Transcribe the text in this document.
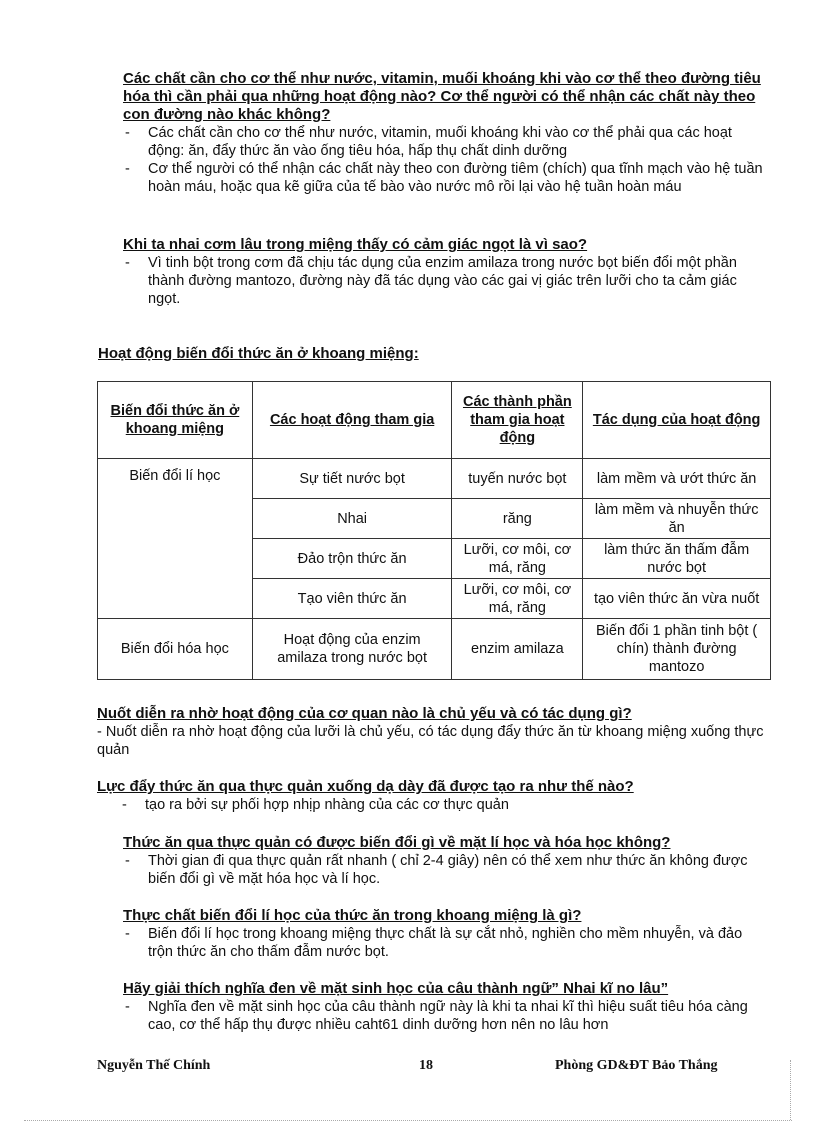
Các chất cần cho cơ thể như nước, vitamin, muối khoáng khi vào cơ thể theo đường tiêu hóa thì cần phải qua những hoạt động nào? Cơ thể người có thể nhận các chất này theo con đường nào khác không?

- Các chất cần cho cơ thể như nước, vitamin, muối khoáng khi vào cơ thể phải qua các hoạt động: ăn, đẩy thức ăn vào ống tiêu hóa, hấp thụ chất dinh dưỡng
- Cơ thể người có thể nhận các chất này theo con đường tiêm (chích) qua tĩnh mạch vào hệ tuần hoàn máu, hoặc qua kẽ giữa của tế bào vào nước mô rồi lại vào hệ tuần hoàn máu

Khi ta nhai cơm lâu trong miệng thấy có cảm giác ngọt là vì sao?

- Vì tinh bột trong cơm đã chịu tác dụng của enzim amilaza trong nước bọt biến đổi một phần thành đường mantozo, đường này đã tác dụng vào các gai vị giác trên lưỡi cho ta cảm giác ngọt.
Hoạt động biến đổi thức ăn ở khoang miệng:
Biến đổi thức ăn ở khoang miệng	Các hoạt động tham gia	Các thành phần tham gia hoạt động	Tác dụng của hoạt động
Biến đổi lí học	Sự tiết nước bọt	tuyến nước bọt	làm mềm và ướt thức ăn
	Nhai	răng	làm mềm và nhuyễn thức ăn
	Đảo trộn thức ăn	Lưỡi, cơ môi, cơ má, răng	làm thức ăn thấm đẫm nước bọt
	Tạo viên thức ăn	Lưỡi, cơ môi, cơ má, răng	tạo viên thức ăn vừa nuốt
Biến đổi hóa học	Hoạt động của enzim amilaza trong nước bọt	enzim amilaza	Biến đổi 1 phần tinh bột ( chín) thành đường mantozo

Nuốt diễn ra nhờ hoạt động của cơ quan nào là chủ yếu và có tác dụng gì?

- Nuốt diễn ra nhờ hoạt động của lưỡi là chủ yếu, có tác dụng đẩy thức ăn từ khoang miệng xuống thực quản

Lực đẩy thức ăn qua thực quản xuống dạ dày đã được tạo ra như thế nào?

- tạo ra bởi sự phối hợp nhịp nhàng của các cơ thực quản

Thức ăn qua thực quản có được biến đổi gì về mặt lí học và hóa học không?

- Thời gian đi qua thực quản rất nhanh ( chỉ 2-4 giây) nên có thể xem như thức ăn không được biến đổi gì về mặt hóa học và lí học.

Thực chất biến đổi lí học của thức ăn trong khoang miệng là gì?

- Biến đổi lí học trong khoang miệng thực chất là sự cắt nhỏ, nghiền cho mềm nhuyễn, và đảo trộn thức ăn cho thấm đẫm nước bọt.

Hãy giải thích nghĩa đen về mặt sinh học của câu thành ngữ” Nhai kĩ no lâu”

- Nghĩa đen về mặt sinh học của câu thành ngữ này là khi ta nhai kĩ thì hiệu suất tiêu hóa càng cao, cơ thể hấp thụ được nhiều caht61 dinh dưỡng hơn nên no lâu hơn
Nguyễn Thế Chính	18	Phòng GD&ĐT Bảo Thắng
